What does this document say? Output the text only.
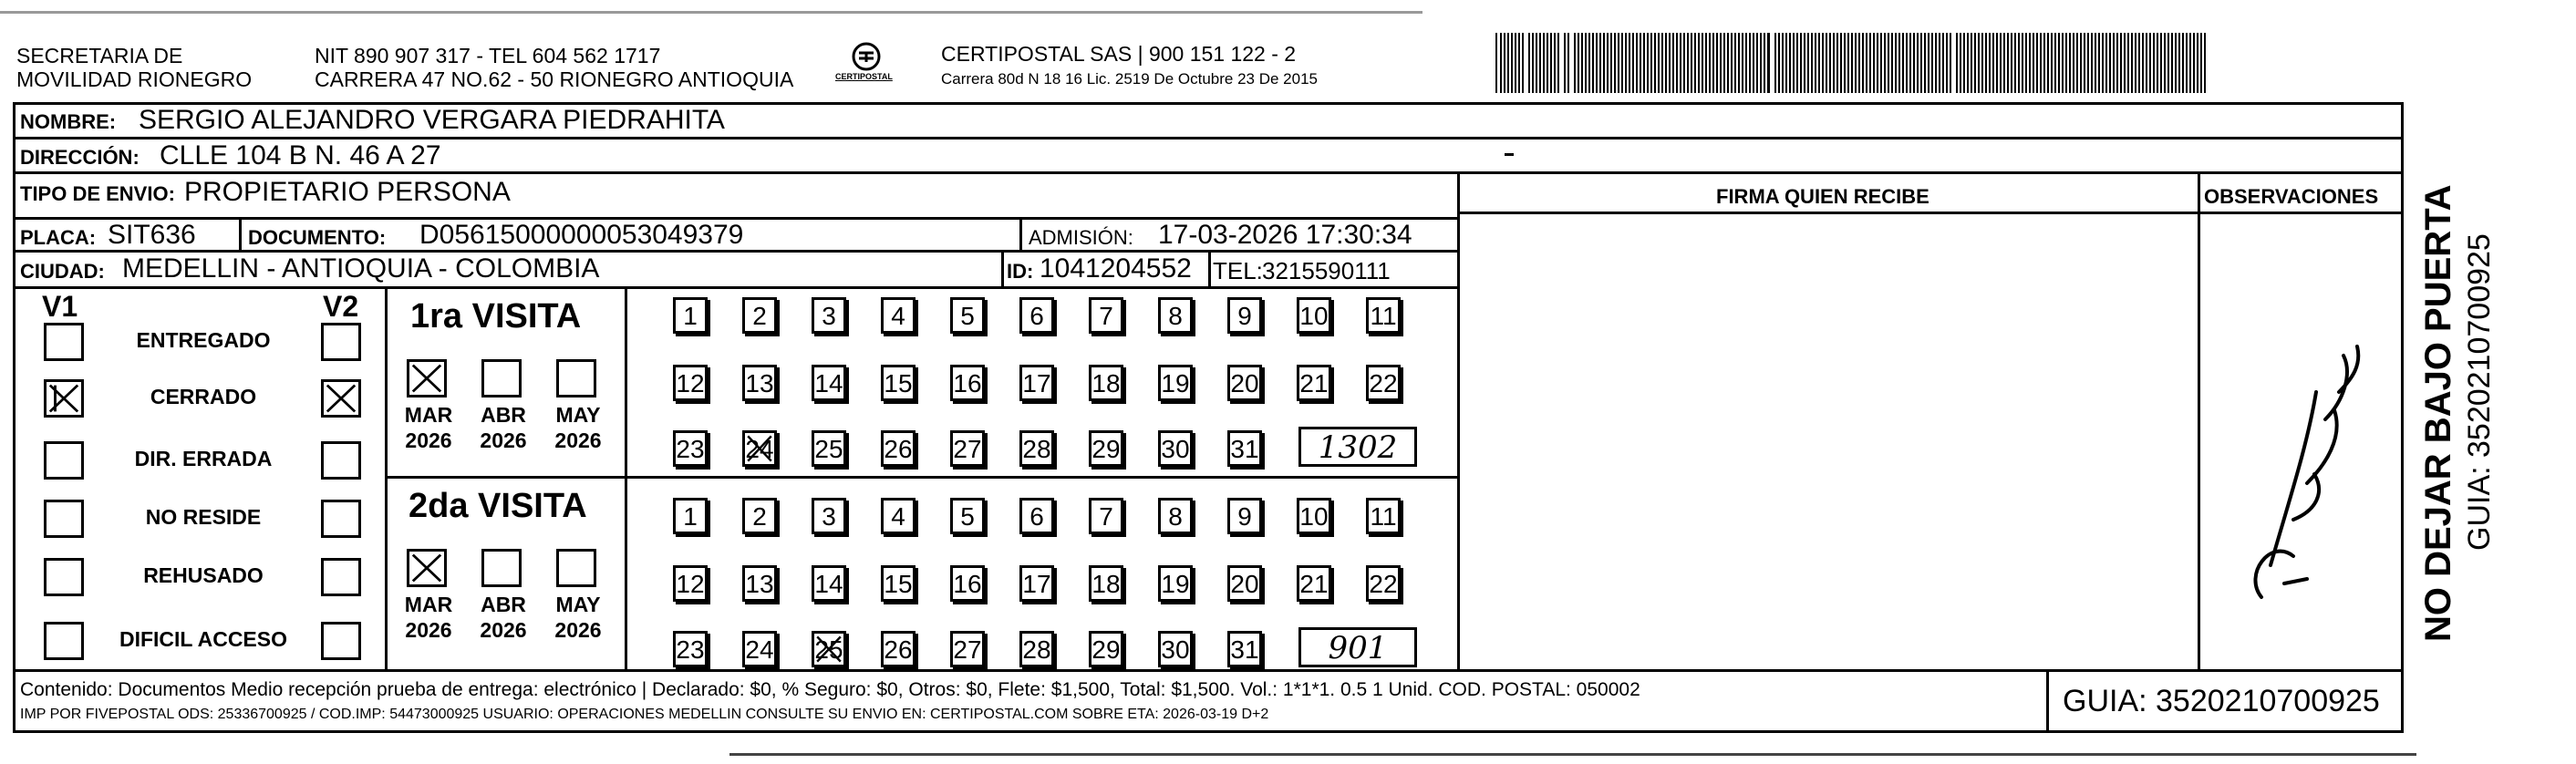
SECRETARIA DE
MOVILIDAD RIONEGRO
NIT 890 907 317 - TEL 604 562 1717
CARRERA 47 NO.62 - 50 RIONEGRO ANTIOQUIA	CERTIPOSTAL
CERTIPOSTAL SAS | 900 151 122 - 2
Carrera 80d N 18 16 Lic. 2519 De Octubre 23 De 2015
NOMBRE: SERGIO ALEJANDRO VERGARA PIEDRAHITA
DIRECCIÓN: CLLE 104 B N. 46 A 27
TIPO DE ENVIO: PROPIETARIO PERSONA
PLACA: SIT636	DOCUMENTO: D05615000000053049379	ADMISIÓN: 17-03-2026 17:30:34
CIUDAD: MEDELLIN - ANTIOQUIA - COLOMBIA	ID: 1041204552 TEL: 3215590111
FIRMA QUIEN RECIBE	OBSERVACIONES
V1	V2
ENTREGADO
CERRADO
DIR. ERRADA
NO RESIDE
REHUSADO
DIFICIL ACCESO
1ra VISITA
2da VISITA
MAR
2026
ABR
2026
MAY
2026
MAR
2026
ABR
2026
MAY
2026
1	2	3	4	5	6	7	8	9	10 11
12 13 14 15 16 17 18 19 20 21 22
23 24 25 26 27 28 29 30 31	1302
1	2	3	4	5	6	7	8	9	10 11
12 13 14 15 16 17 18 19 20 21 22
23 24 25 26 27 28 29 30 31	901
NO DEJAR BAJO PUERTA GUIA: 3520210700925
Contenido: Documentos Medio recepción prueba de entrega: electrónico | Declarado: $0, % Seguro: $0, Otros: $0, Flete: $1,500, Total: $1,500. Vol.: 1*1*1. 0.5 1 Unid. COD. POSTAL: 050002
IMP POR FIVEPOSTAL ODS: 25336700925 / COD.IMP: 54473000925 USUARIO: OPERACIONES MEDELLIN CONSULTE SU ENVIO EN: CERTIPOSTAL.COM SOBRE ETA: 2026-03-19 D+2	GUIA: 3520210700925
